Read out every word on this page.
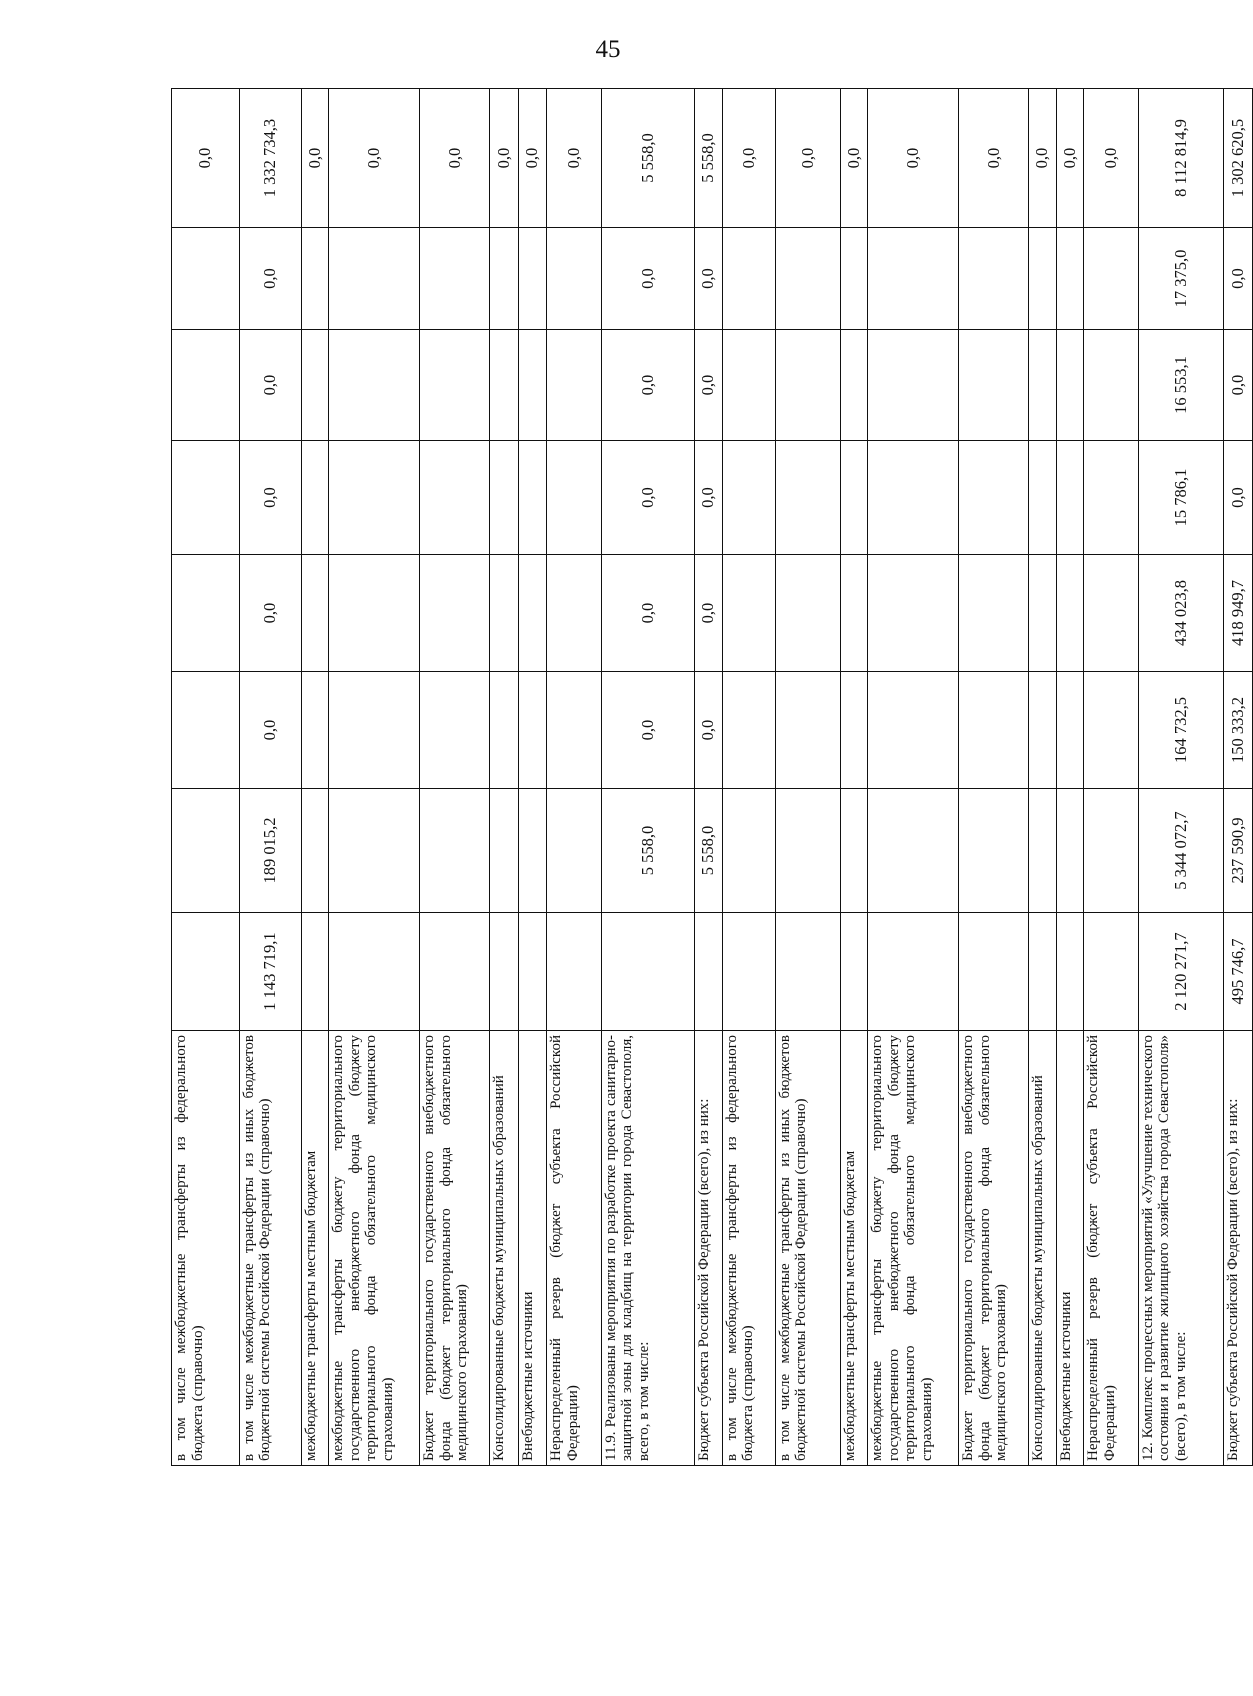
45
в том числе межбюджетные трансферты из федерального бюджета (справочно)								0,0
в том числе межбюджетные трансферты из иных бюджетов бюджетной системы Российской Федерации (справочно)	1 143 719,1	189 015,2	0,0	0,0	0,0	0,0	0,0	1 332 734,3
межбюджетные трансферты местным бюджетам								0,0
межбюджетные трансферты бюджету территориального государственного внебюджетного фонда (бюджету территориального фонда обязательного медицинского страхования)								0,0
Бюджет территориального государственного внебюджетного фонда (бюджет территориального фонда обязательного медицинского страхования)								0,0
Консолидированные бюджеты муниципальных образований								0,0
Внебюджетные источники								0,0
Нераспределенный резерв (бюджет субъекта Российской Федерации)								0,0
11.9. Реализованы мероприятия по разработке проекта санитарно-защитной зоны для кладбищ на территории города Севастополя, всего, в том числе:		5 558,0	0,0	0,0	0,0	0,0	0,0	5 558,0
Бюджет субъекта Российской Федерации (всего), из них:		5 558,0	0,0	0,0	0,0	0,0	0,0	5 558,0
в том числе межбюджетные трансферты из федерального бюджета (справочно)								0,0
в том числе межбюджетные трансферты из иных бюджетов бюджетной системы Российской Федерации (справочно)								0,0
межбюджетные трансферты местным бюджетам								0,0
межбюджетные трансферты бюджету территориального государственного внебюджетного фонда (бюджету территориального фонда обязательного медицинского страхования)								0,0
Бюджет территориального государственного внебюджетного фонда (бюджет территориального фонда обязательного медицинского страхования)								0,0
Консолидированные бюджеты муниципальных образований								0,0
Внебюджетные источники								0,0
Нераспределенный резерв (бюджет субъекта Российской Федерации)								0,0
12. Комплекс процессных мероприятий «Улучшение технического состояния и развитие жилищного хозяйства города Севастополя» (всего), в том числе:	2 120 271,7	5 344 072,7	164 732,5	434 023,8	15 786,1	16 553,1	17 375,0	8 112 814,9
Бюджет субъекта Российской Федерации (всего), из них:	495 746,7	237 590,9	150 333,2	418 949,7	0,0	0,0	0,0	1 302 620,5
